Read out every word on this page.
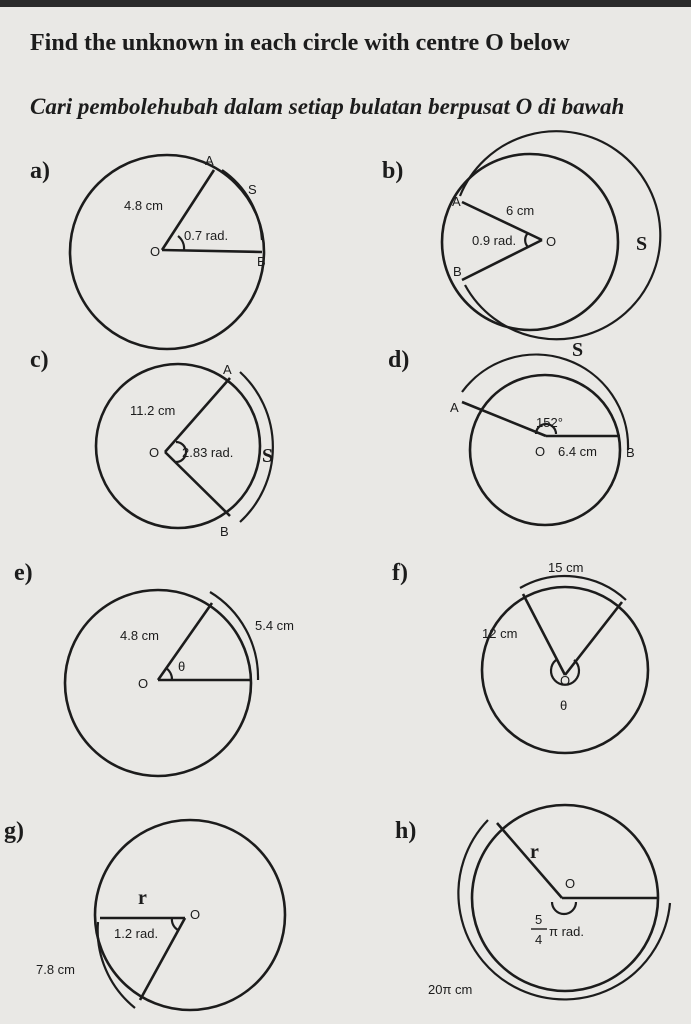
Find the unknown in each circle with centre O below
Cari pembolehubah dalam setiap bulatan berpusat O di bawah
a)	b)
c)	d)
e)	f)
g)	h)
O
A
B
4.8 cm
0.7 rad.
S
O
A
B
6 cm
0.9 rad.	S
O
A
B
11.2 cm
2.83 rad. S	O
A
B
6.4 cm
152°
S
O
4.8 cm
θ
5.4 cm
O
12 cm
θ
15 cm
O
r
1.2 rad.
7.8 cm
O
r
5
4
π rad.
20π cm
